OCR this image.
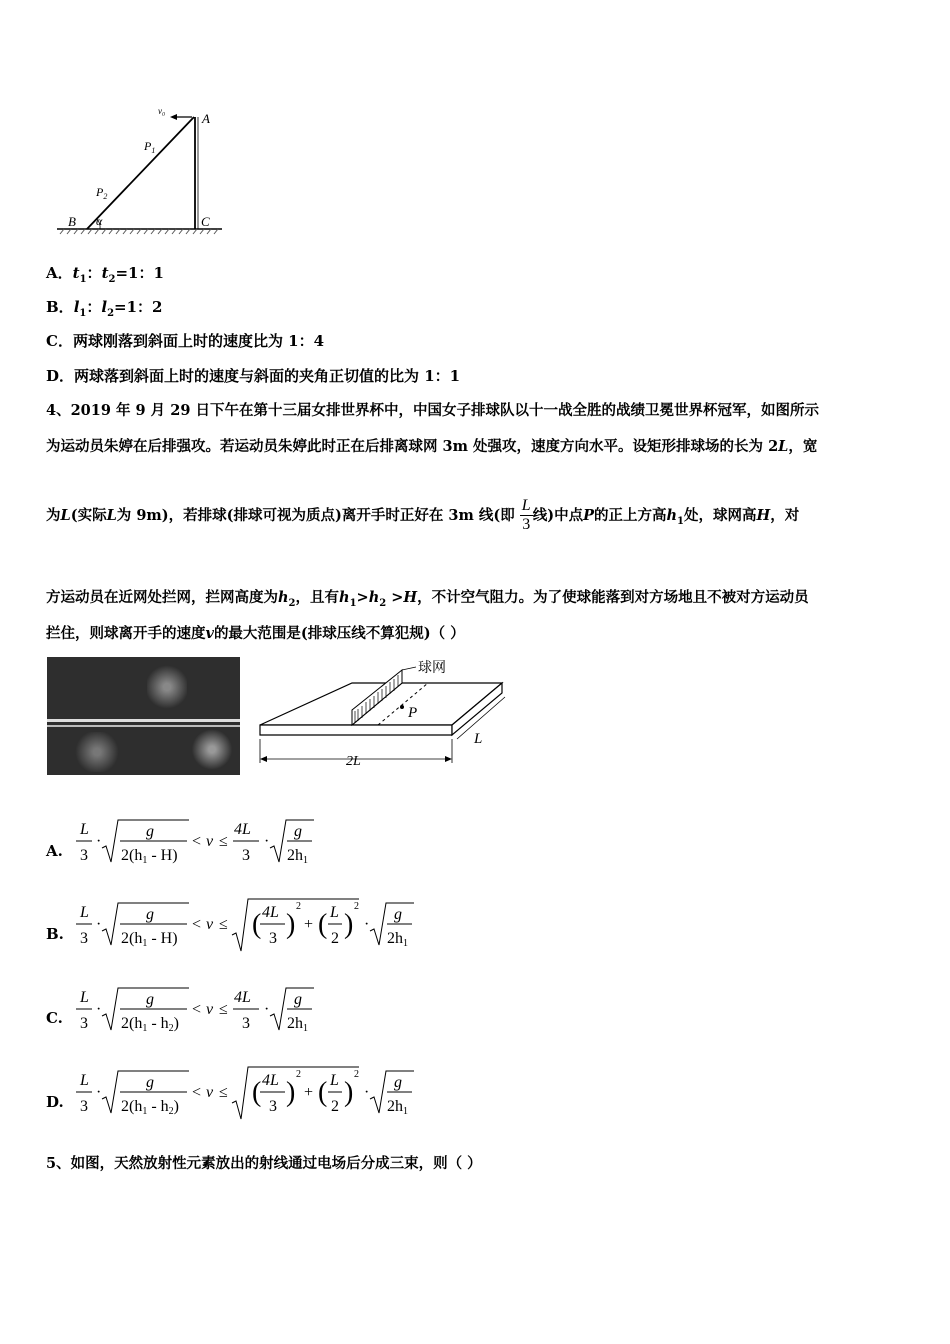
v₀	A
$P_1$
$P_2$
B α	C
A．$t_1$：$t_2=1$：1
B．$l_1$：$l_2=1$：2
C．两球刚落到斜面上时的速度比为 1：4
D．两球落到斜面上时的速度与斜面的夹角正切值的比为 1：1
4、2019 年 9 月 29 日下午在第十三届女排世界杯中，中国女子排球队以十一战全胜的战绩卫冕世界杯冠军，如图所示
为运动员朱婷在后排强攻。若运动员朱婷此时正在后排离球网 3m 处强攻，速度方向水平。设矩形排球场的长为 2L，宽
为L(实际L为 9m)，若排球(排球可视为质点)离开手时正好在 3m 线(即 $\frac{L}{3}$ 线)中点P的正上方高$h_1$处，球网高H，对
方运动员在近网处拦网，拦网高度为$h_2$，且有$h_1>h_2 >H$，不计空气阻力。为了使球能落到对方场地且不被对方运动员
拦住，则球离开手的速度v的最大范围是(排球压线不算犯规)（ ）
球网
P
2L
L
A.
L
3
·
g
2(h1 - H)
< v ≤
4L
3
·
g
2h1
B.
L
3
·
g
2(h1 - H)
< v ≤ ( 4L
3 )
2
+ ( L
2 )
2
·
g
2h1
C.
L
3
·
g
2(h1 - h2)
< v ≤
4L
3
·
g
2h1
D.
L
3
·
g
2(h1 - h2)
< v ≤ ( 4L
3 )
2
+ ( L
2 )
2
·
g
2h1
5、如图，天然放射性元素放出的射线通过电场后分成三束，则（ ）
